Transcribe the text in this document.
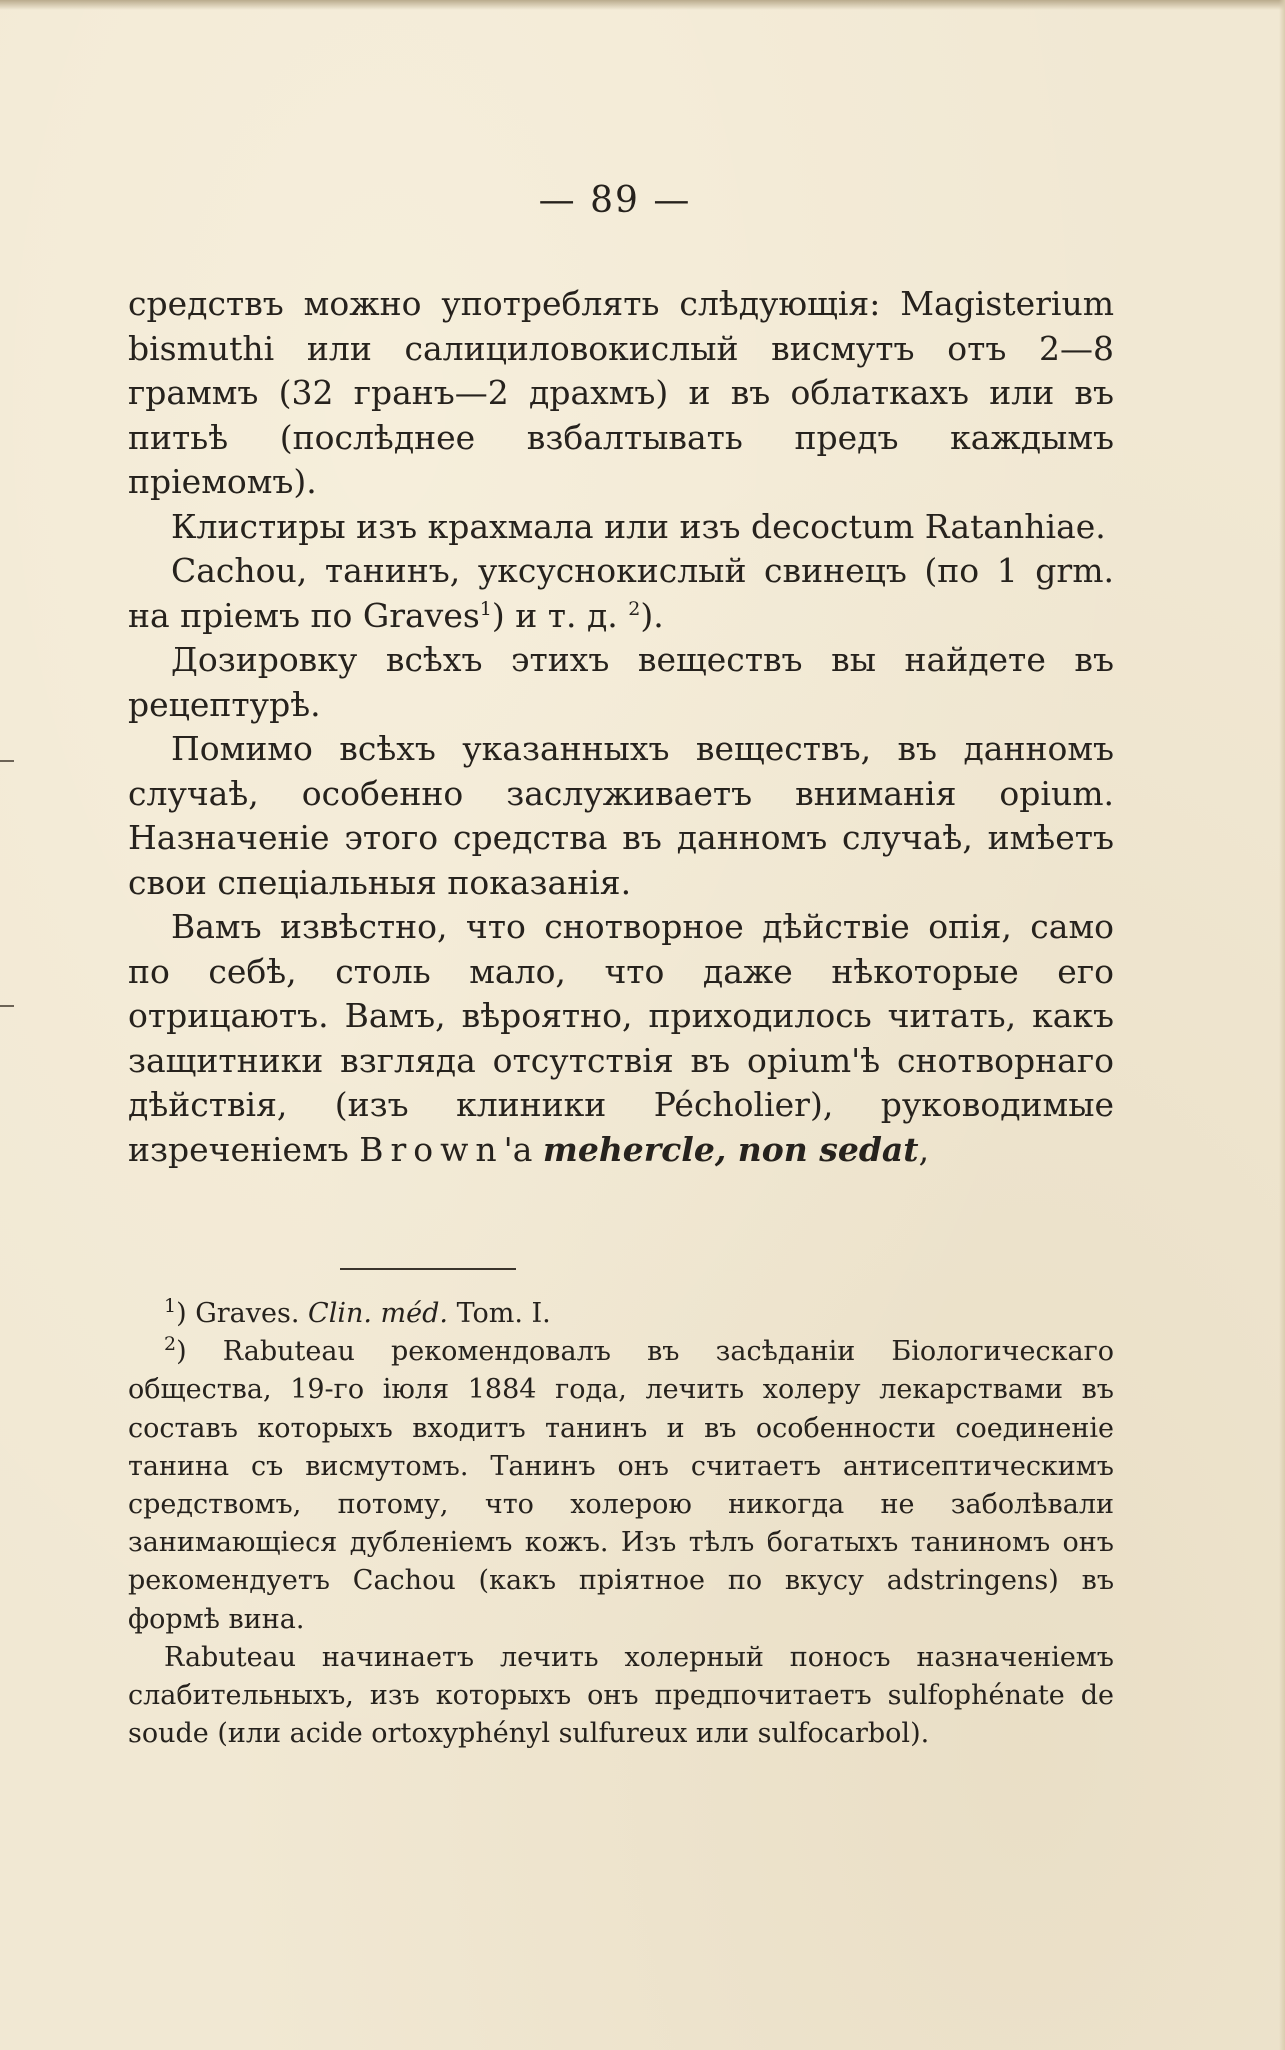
— 89 —

средствъ можно употреблять слѣдующія: Magisterium bismuthi или салициловокислый висмутъ отъ 2—8 граммъ (32 гранъ—2 драхмъ) и въ облаткахъ или въ питьѣ (послѣднее взбалтывать предъ каждымъ пріемомъ).

Клистиры изъ крахмала или изъ decoctum Ratanhiae.

Cachou, танинъ, уксуснокислый свинецъ (по 1 grm. на пріемъ по Graves$^1$) и т. д. $^2$).

Дозировку всѣхъ этихъ веществъ вы найдете въ рецептурѣ.

Помимо всѣхъ указанныхъ веществъ, въ данномъ случаѣ, особенно заслуживаетъ вниманія opium. Назначеніе этого средства въ данномъ случаѣ, имѣетъ свои спеціальныя показанія.

Вамъ извѣстно, что снотворное дѣйствіе опія, само по себѣ, столь мало, что даже нѣкоторые его отрицаютъ. Вамъ, вѣроятно, приходилось читать, какъ защитники взгляда отсутствія въ opium'ѣ снотворнаго дѣйствія, (изъ клиники Pécholier), руководимые изреченіемъ Brown'а mehercle, non sedat,

$^1$) Graves. Clin. méd. Tom. I.

$^2$) Rabuteau рекомендовалъ въ засѣданіи Біологическаго общества, 19-го іюля 1884 года, лечить холеру лекарствами въ составъ которыхъ входитъ танинъ и въ особенности соединеніе танина съ висмутомъ. Танинъ онъ считаетъ антисептическимъ средствомъ, потому, что холерою никогда не заболѣвали занимающіеся дубленіемъ кожъ. Изъ тѣлъ богатыхъ таниномъ онъ рекомендуетъ Cachou (какъ пріятное по вкусу adstringens) въ формѣ вина.

Rabuteau начинаетъ лечить холерный поносъ назначеніемъ слабительныхъ, изъ которыхъ онъ предпочитаетъ sulfophénate de soude (или acide ortoxyphényl sulfureux или sulfocarbol).
